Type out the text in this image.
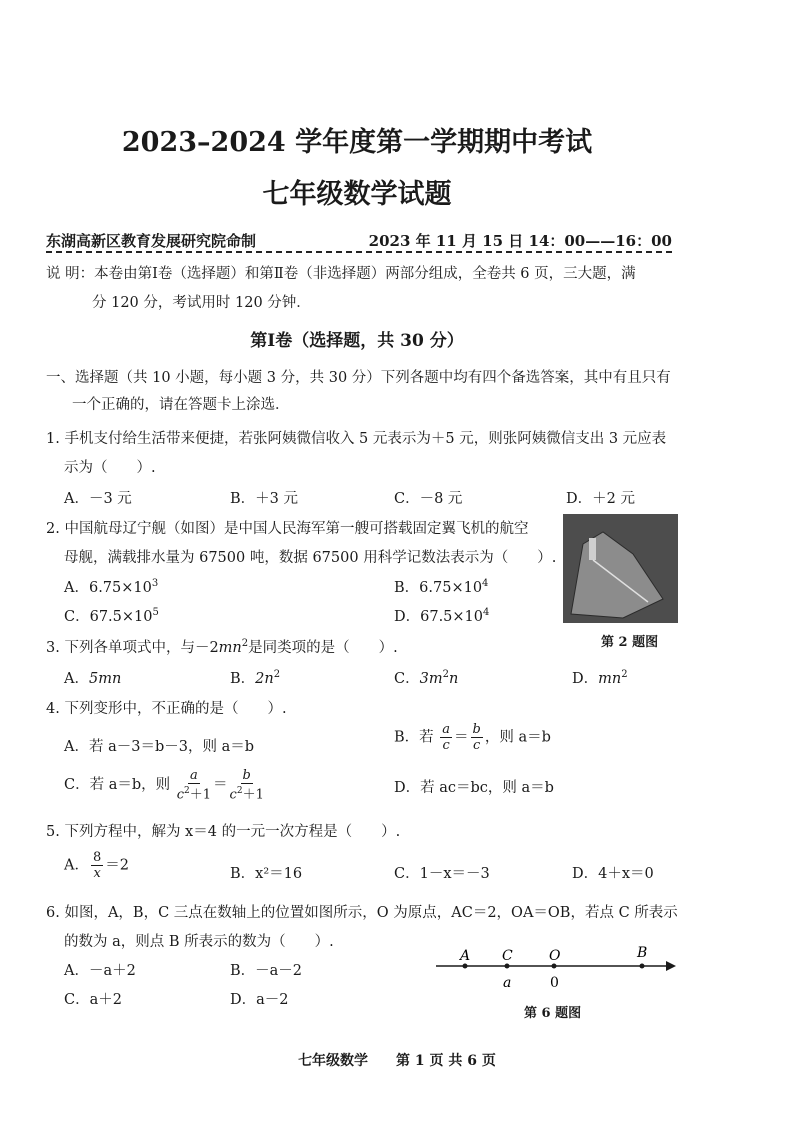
2023–2024 学年度第一学期期中考试
七年级数学试题
东湖高新区教育发展研究院命制	2023 年 11 月 15 日 14：00——16：00
说 明：本卷由第Ⅰ卷（选择题）和第Ⅱ卷（非选择题）两部分组成，全卷共 6 页，三大题，满
分 120 分，考试用时 120 分钟．
第Ⅰ卷（选择题，共 30 分）
一、选择题（共 10 小题，每小题 3 分，共 30 分）下列各题中均有四个备选答案，其中有且只有
一个正确的，请在答题卡上涂选．
1. 手机支付给生活带来便捷，若张阿姨微信收入 5 元表示为＋5 元，则张阿姨微信支出 3 元应表
示为（　　）.
A．－3 元	B．＋3 元	C．－8 元	D．＋2 元
2. 中国航母辽宁舰（如图）是中国人民海军第一艘可搭载固定翼飞机的航空
母舰，满载排水量为 67500 吨，数据 67500 用科学记数法表示为（　　）.
A．$6.75\times 10^3$	B．$6.75\times 10^4$
C．$67.5\times 10^5$	D．$67.5\times 10^4$
第 2 题图
3. 下列各单项式中，与$-2mn^2$是同类项的是（　　）.
A．5mn	B．$2n^2$	C．$3m^2n$	D．$mn^2$
4. 下列变形中，不正确的是（　　）.
A．若 a－3＝b－3，则 a＝b
B．若 $\frac{a}{c} = \frac{b}{c}$ ，则 a＝b
C．若 a＝b，则 $\frac{a}{c^2+1} = \frac{b}{c^2+1}$	D．若 ac＝bc，则 a＝b
5. 下列方程中，解为 x＝4 的一元一次方程是（　　）.
A． $\frac{8}{x} =2$
B．x²＝16	C．1－x＝－3	D．4＋x＝0
6. 如图，A，B，C 三点在数轴上的位置如图所示，O 为原点，AC＝2，OA＝OB，若点 C 所表示
的数为 a，则点 B 所表示的数为（　　）.
A．－a＋2	B．－a－2
C．a＋2	D．a－2
A C	O	B
a	0
第 6 题图
七年级数学　　第 1 页 共 6 页
